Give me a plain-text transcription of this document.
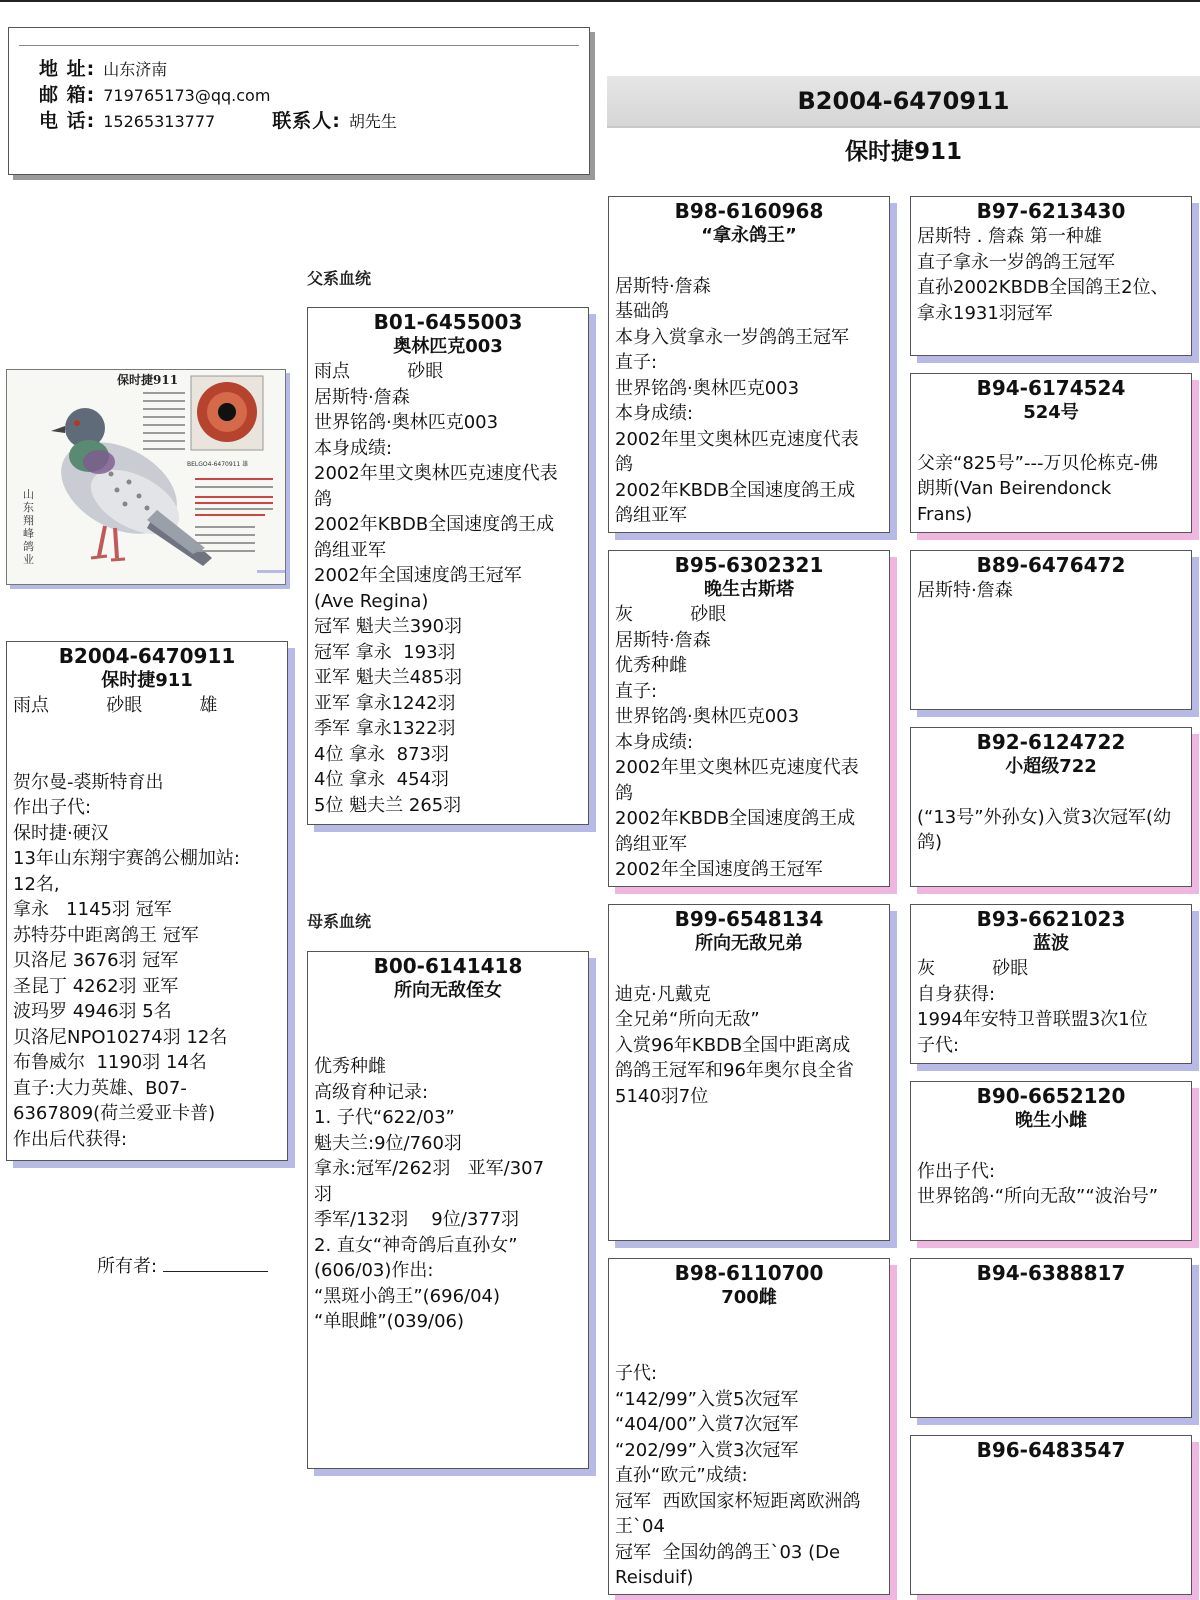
地 址: 山东济南
邮 箱: 719765173@qq.com
电 话: 15265313777	联系人: 胡先生
B2004-6470911
保时捷911
父系血统
母系血统
保时捷911
BELGO4-6470911 雄
山东翔峰鸽业
B2004-6470911
保时捷911
雨点          砂眼          雄

贺尔曼-裘斯特育出
作出子代:
保时捷·硬汉
13年山东翔宇赛鸽公棚加站:
12名,
拿永   1145羽 冠军
苏特芬中距离鸽王 冠军
贝洛尼 3676羽 冠军
圣昆丁 4262羽 亚军
波玛罗 4946羽 5名
贝洛尼NPO10274羽 12名
布鲁威尔  1190羽 14名
直子:大力英雄、B07-
6367809(荷兰爱亚卡普)
作出后代获得:
所有者:
B01-6455003
奥林匹克003
雨点          砂眼
居斯特·詹森
世界铭鸽·奥林匹克003
本身成绩:
2002年里文奥林匹克速度代表
鸽
2002年KBDB全国速度鸽王成
鸽组亚军
2002年全国速度鸽王冠军
(Ave Regina)
冠军 魁夫兰390羽
冠军 拿永  193羽
亚军 魁夫兰485羽
亚军 拿永1242羽
季军 拿永1322羽
4位 拿永  873羽
4位 拿永  454羽
5位 魁夫兰 265羽
B00-6141418
所向无敌侄女

优秀种雌
高级育种记录:
1. 子代“622/03”
魁夫兰:9位/760羽
拿永:冠军/262羽   亚军/307
羽
季军/132羽    9位/377羽
2. 直女“神奇鸽后直孙女”
(606/03)作出:
“黑斑小鸽王”(696/04)
“单眼雌”(039/06)
B98-6160968
“拿永鸽王”

居斯特·詹森
基础鸽
本身入赏拿永一岁鸽鸽王冠军
直子:
世界铭鸽·奥林匹克003
本身成绩:
2002年里文奥林匹克速度代表
鸽
2002年KBDB全国速度鸽王成
鸽组亚军
B95-6302321
晚生古斯塔
灰          砂眼
居斯特·詹森
优秀种雌
直子:
世界铭鸽·奥林匹克003
本身成绩:
2002年里文奥林匹克速度代表
鸽
2002年KBDB全国速度鸽王成
鸽组亚军
2002年全国速度鸽王冠军
B99-6548134
所向无敌兄弟

迪克·凡戴克
全兄弟“所向无敌”
入赏96年KBDB全国中距离成
鸽鸽王冠军和96年奥尔良全省
5140羽7位
B98-6110700
700雌

子代:
“142/99”入赏5次冠军
“404/00”入赏7次冠军
“202/99”入赏3次冠军
直孙“欧元”成绩:
冠军  西欧国家杯短距离欧洲鸽
王`04
冠军  全国幼鸽鸽王`03 (De
Reisduif)
B97-6213430
居斯特 . 詹森 第一种雄
直子拿永一岁鸽鸽王冠军
直孙2002KBDB全国鸽王2位、
拿永1931羽冠军
B94-6174524
524号

父亲“825号”---万贝伦栋克-佛
朗斯(Van Beirendonck
Frans)
B89-6476472
居斯特·詹森
B92-6124722
小超级722

(“13号”外孙女)入赏3次冠军(幼
鸽)
B93-6621023
蓝波
灰          砂眼
自身获得:
1994年安特卫普联盟3次1位
子代:
B90-6652120
晚生小雌

作出子代:
世界铭鸽·“所向无敌”“波治号”
B94-6388817
B96-6483547
